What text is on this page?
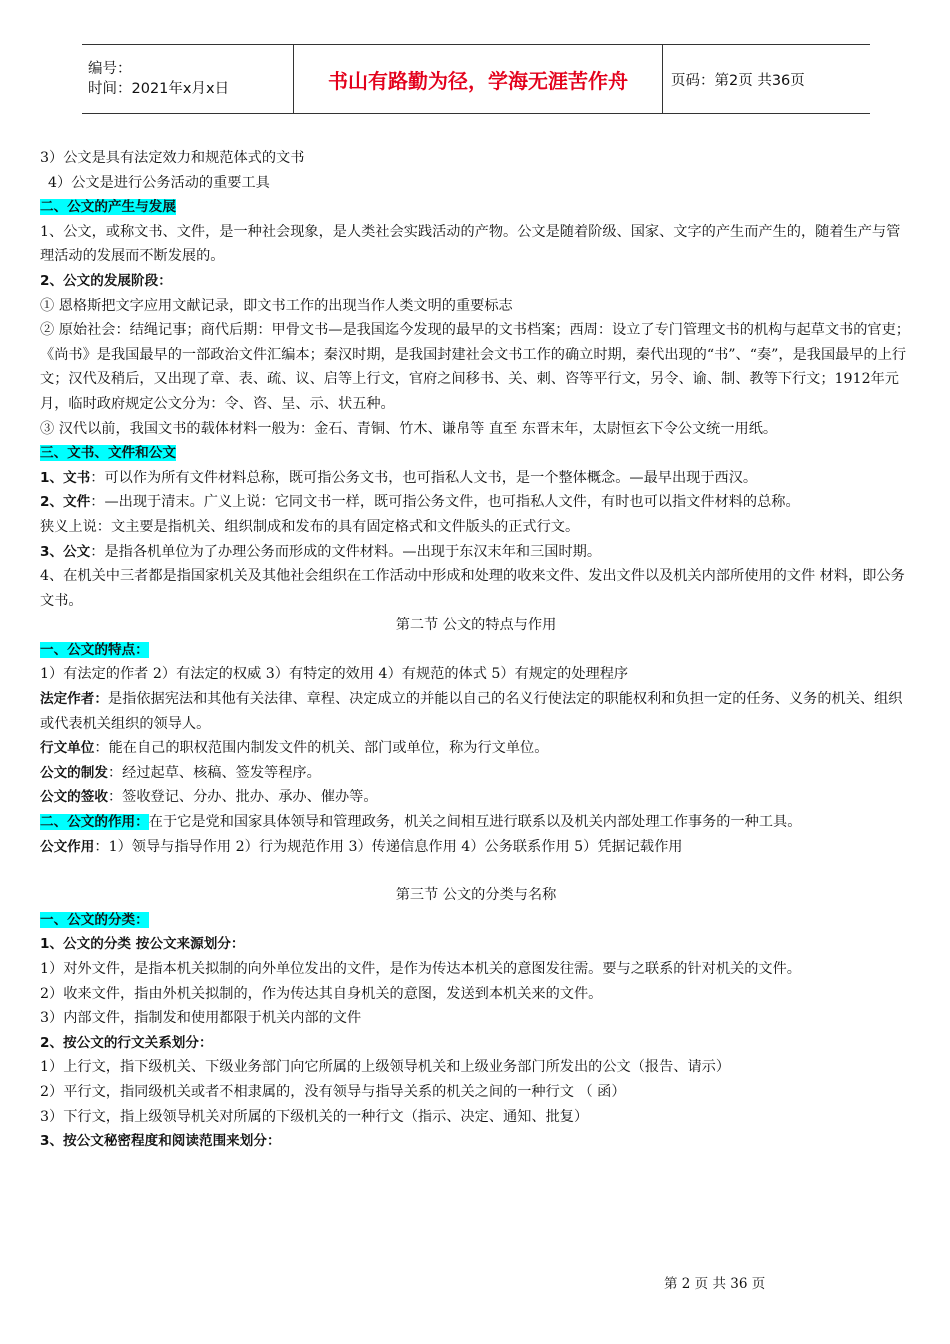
编号：
时间：2021年x月x日	书山有路勤为径，学海无涯苦作舟	页码：第2页 共36页

3）公文是具有法定效力和规范体式的文书

4）公文是进行公务活动的重要工具

二、公文的产生与发展

1、公文，或称文书、文件，是一种社会现象，是人类社会实践活动的产物。公文是随着阶级、国家、文字的产生而产生的，随着生产与管理活动的发展而不断发展的。

2、公文的发展阶段：

① 恩格斯把文字应用文献记录，即文书工作的出现当作人类文明的重要标志

② 原始社会：结绳记事；商代后期：甲骨文书—是我国迄今发现的最早的文书档案；西周：设立了专门管理文书的机构与起草文书的官吏；《尚书》是我国最早的一部政治文件汇编本；秦汉时期，是我国封建社会文书工作的确立时期，秦代出现的“书”、“奏”，是我国最早的上行文；汉代及稍后，又出现了章、表、疏、议、启等上行文，官府之间移书、关、刺、咨等平行文，另令、谕、制、教等下行文；1912年元月，临时政府规定公文分为：令、咨、呈、示、状五种。

③ 汉代以前，我国文书的载体材料一般为：金石、青铜、竹木、谦帛等 直至 东晋末年，太尉恒玄下令公文统一用纸。

三、文书、文件和公文

1、文书：可以作为所有文件材料总称，既可指公务文书，也可指私人文书，是一个整体概念。—最早出现于西汉。

2、文件：—出现于清末。广义上说：它同文书一样，既可指公务文件，也可指私人文件，有时也可以指文件材料的总称。

狭义上说：文主要是指机关、组织制成和发布的具有固定格式和文件版头的正式行文。

3、公文：是指各机单位为了办理公务而形成的文件材料。—出现于东汉末年和三国时期。

4、在机关中三者都是指国家机关及其他社会组织在工作活动中形成和处理的收来文件、发出文件以及机关内部所使用的文件 材料，即公务文书。

第二节 公文的特点与作用

一、公文的特点：

1）有法定的作者 2）有法定的权威 3）有特定的效用 4）有规范的体式 5）有规定的处理程序

法定作者：是指依据宪法和其他有关法律、章程、决定成立的并能以自己的名义行使法定的职能权利和负担一定的任务、义务的机关、组织或代表机关组织的领导人。

行文单位：能在自己的职权范围内制发文件的机关、部门或单位，称为行文单位。

公文的制发：经过起草、核稿、签发等程序。

公文的签收：签收登记、分办、批办、承办、催办等。

二、公文的作用：在于它是党和国家具体领导和管理政务，机关之间相互进行联系以及机关内部处理工作事务的一种工具。

公文作用：1）领导与指导作用 2）行为规范作用 3）传递信息作用 4）公务联系作用 5）凭据记载作用

第三节 公文的分类与名称

一、公文的分类：

1、公文的分类 按公文来源划分：

1）对外文件，是指本机关拟制的向外单位发出的文件，是作为传达本机关的意图发往需。要与之联系的针对机关的文件。

2）收来文件，指由外机关拟制的，作为传达其自身机关的意图，发送到本机关来的文件。

3）内部文件，指制发和使用都限于机关内部的文件

2、按公文的行文关系划分：

1）上行文，指下级机关、下级业务部门向它所属的上级领导机关和上级业务部门所发出的公文（报告、请示）

2）平行文，指同级机关或者不相隶属的，没有领导与指导关系的机关之间的一种行文 （ 函）

3）下行文，指上级领导机关对所属的下级机关的一种行文（指示、决定、通知、批复）

3、按公文秘密程度和阅读范围来划分：

第 2 页 共 36 页
